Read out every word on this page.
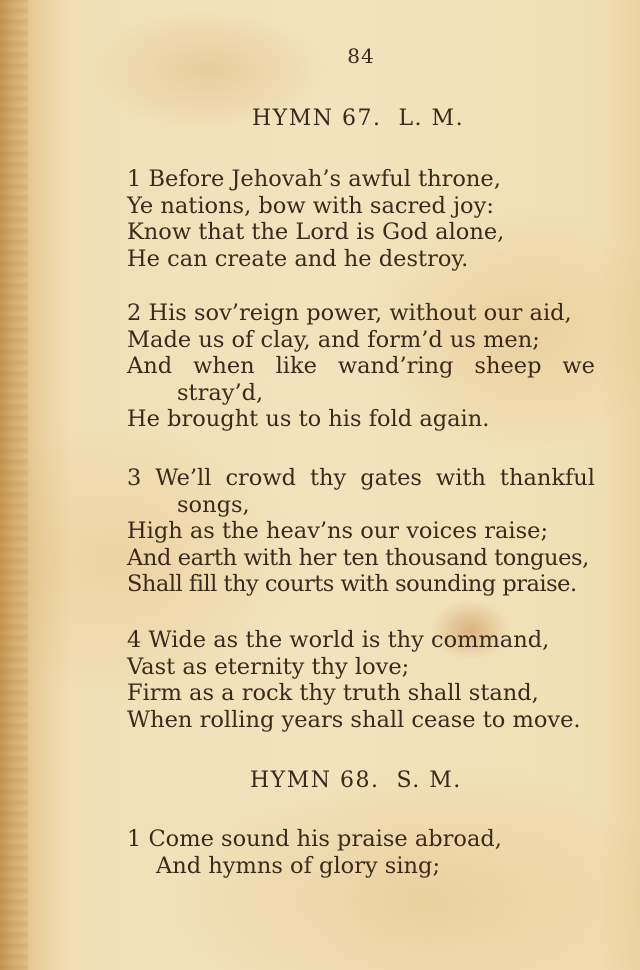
84
HYMN 67.  L. M.
1 Before Jehovah’s awful throne,
Ye nations, bow with sacred joy:
Know that the Lord is God alone,
He can create and he destroy.
2 His sov’reign power, without our aid,
Made us of clay, and form’d us men;
And when like wand’ring sheep we
stray’d,
He brought us to his fold again.
3 We’ll crowd thy gates with thankful
songs,
High as the heav’ns our voices raise;
And earth with her ten thousand tongues,
Shall fill thy courts with sounding praise.
4 Wide as the world is thy command,
Vast as eternity thy love;
Firm as a rock thy truth shall stand,
When rolling years shall cease to move.
HYMN 68.  S. M.
1 Come sound his praise abroad,
And hymns of glory sing;
